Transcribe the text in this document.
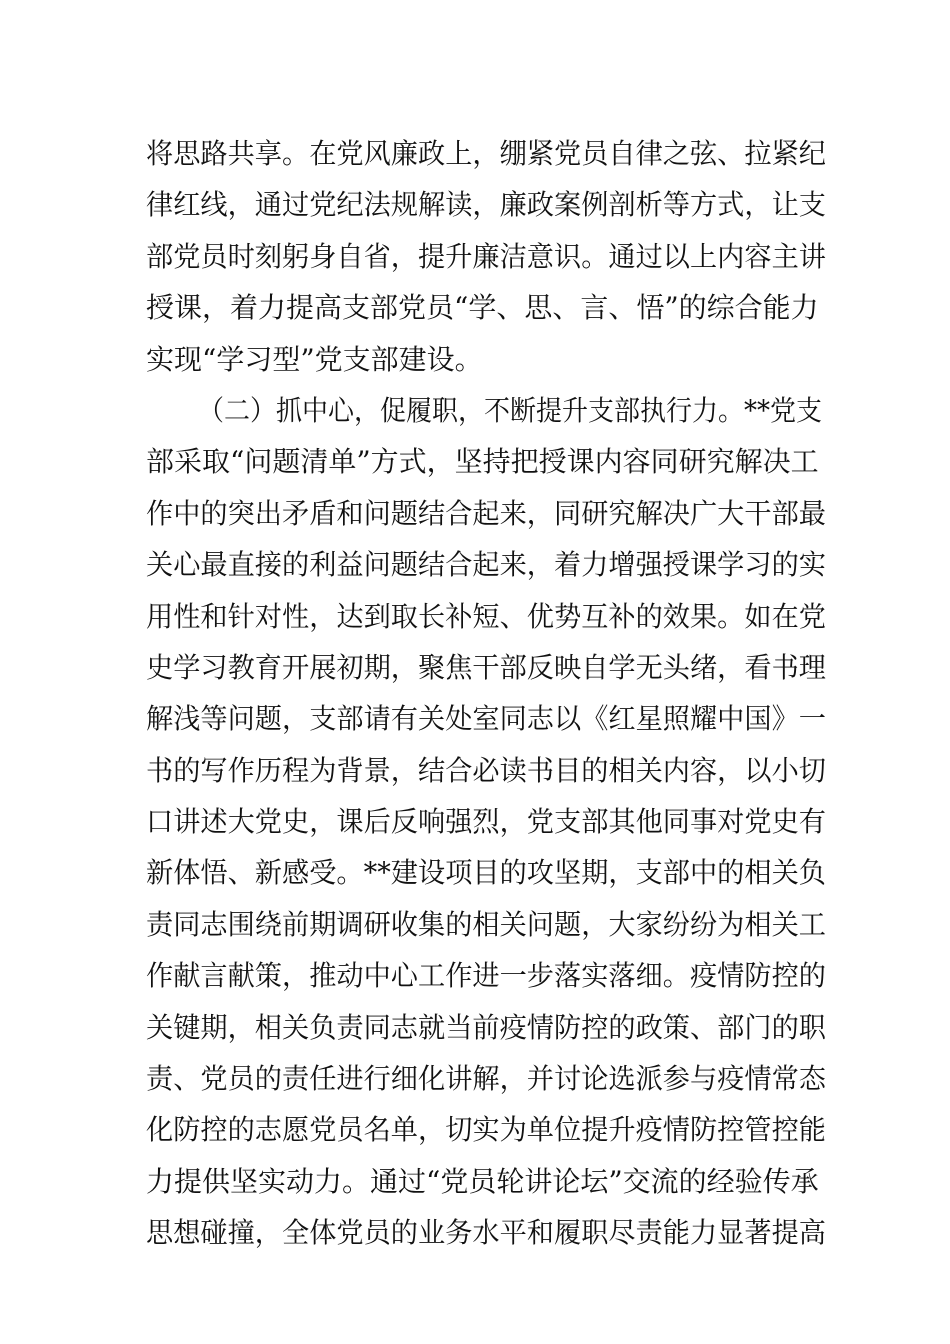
将思路共享。在党风廉政上，绷紧党员自律之弦、拉紧纪
律红线，通过党纪法规解读，廉政案例剖析等方式，让支
部党员时刻躬身自省，提升廉洁意识。通过以上内容主讲
授课，着力提高支部党员“学、思、言、悟”的综合能力
实现“学习型”党支部建设。
（二）抓中心，促履职，不断提升支部执行力。**党支
部采取“问题清单”方式，坚持把授课内容同研究解决工
作中的突出矛盾和问题结合起来，同研究解决广大干部最
关心最直接的利益问题结合起来，着力增强授课学习的实
用性和针对性，达到取长补短、优势互补的效果。如在党
史学习教育开展初期，聚焦干部反映自学无头绪，看书理
解浅等问题，支部请有关处室同志以《红星照耀中国》一
书的写作历程为背景，结合必读书目的相关内容，以小切
口讲述大党史，课后反响强烈，党支部其他同事对党史有
新体悟、新感受。**建设项目的攻坚期，支部中的相关负
责同志围绕前期调研收集的相关问题，大家纷纷为相关工
作献言献策，推动中心工作进一步落实落细。疫情防控的
关键期，相关负责同志就当前疫情防控的政策、部门的职
责、党员的责任进行细化讲解，并讨论选派参与疫情常态
化防控的志愿党员名单，切实为单位提升疫情防控管控能
力提供坚实动力。通过“党员轮讲论坛”交流的经验传承
思想碰撞，全体党员的业务水平和履职尽责能力显著提高
